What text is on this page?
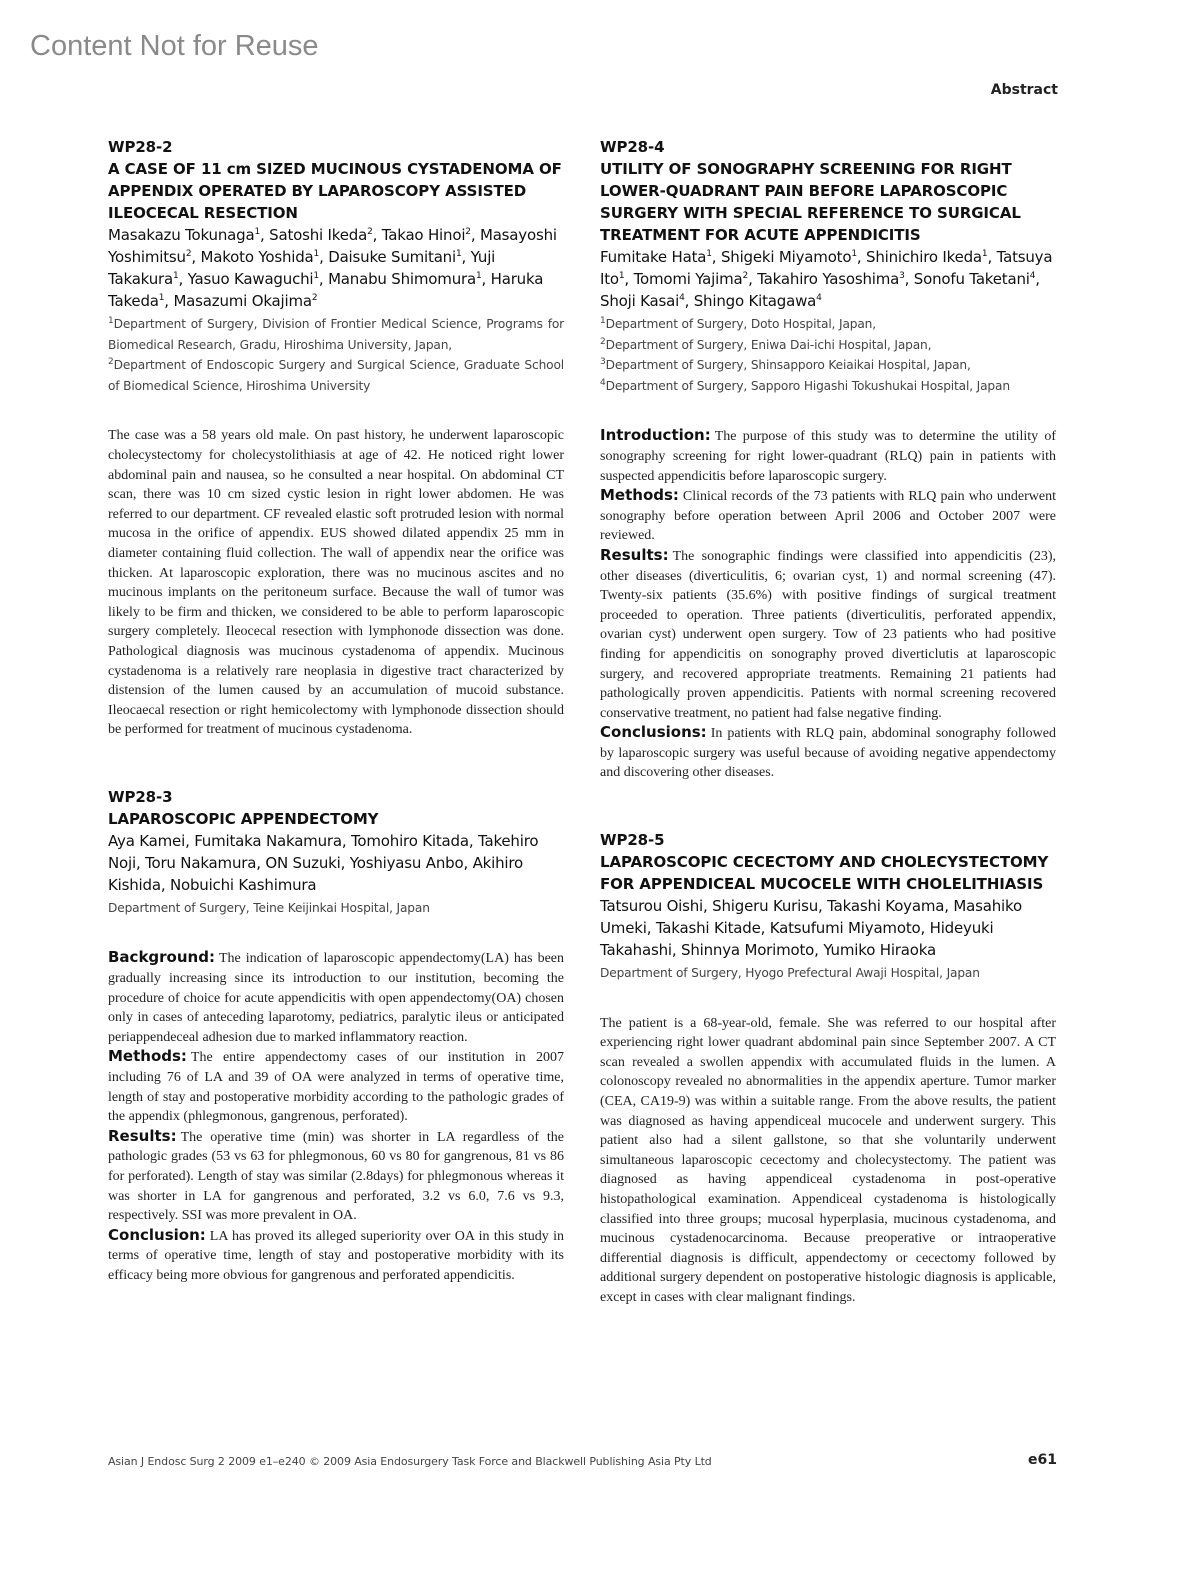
Content Not for Reuse
Abstract
WP28-2
A CASE OF 11 cm SIZED MUCINOUS CYSTADENOMA OF APPENDIX OPERATED BY LAPAROSCOPY ASSISTED ILEOCECAL RESECTION
Masakazu Tokunaga$^1$, Satoshi Ikeda$^2$, Takao Hinoi$^2$, Masayoshi Yoshimitsu$^2$, Makoto Yoshida$^1$, Daisuke Sumitani$^1$, Yuji Takakura$^1$, Yasuo Kawaguchi$^1$, Manabu Shimomura$^1$, Haruka Takeda$^1$, Masazumi Okajima$^2$
$^1$Department of Surgery, Division of Frontier Medical Science, Programs for Biomedical Research, Gradu, Hiroshima University, Japan,
$^2$Department of Endoscopic Surgery and Surgical Science, Graduate School of Biomedical Science, Hiroshima University

The case was a 58 years old male. On past history, he underwent laparoscopic cholecystectomy for cholecystolithiasis at age of 42. He noticed right lower abdominal pain and nausea, so he consulted a near hospital. On abdominal CT scan, there was 10 cm sized cystic lesion in right lower abdomen. He was referred to our department. CF revealed elastic soft protruded lesion with normal mucosa in the orifice of appendix. EUS showed dilated appendix 25 mm in diameter containing fluid collection. The wall of appendix near the orifice was thicken. At laparoscopic exploration, there was no mucinous ascites and no mucinous implants on the peritoneum surface. Because the wall of tumor was likely to be firm and thicken, we considered to be able to perform laparoscopic surgery completely. Ileocecal resection with lymphonode dissection was done. Pathological diagnosis was mucinous cystadenoma of appendix. Mucinous cystadenoma is a relatively rare neoplasia in digestive tract characterized by distension of the lumen caused by an accumulation of mucoid substance. Ileocaecal resection or right hemicolectomy with lymphonode dissection should be performed for treatment of mucinous cystadenoma.

WP28-3
LAPAROSCOPIC APPENDECTOMY
Aya Kamei, Fumitaka Nakamura, Tomohiro Kitada, Takehiro Noji, Toru Nakamura, ON Suzuki, Yoshiyasu Anbo, Akihiro Kishida, Nobuichi Kashimura
Department of Surgery, Teine Keijinkai Hospital, Japan

Background: The indication of laparoscopic appendectomy(LA) has been gradually increasing since its introduction to our institution, becoming the procedure of choice for acute appendicitis with open appendectomy(OA) chosen only in cases of anteceding laparotomy, pediatrics, paralytic ileus or anticipated periappendeceal adhesion due to marked inflammatory reaction.

Methods: The entire appendectomy cases of our institution in 2007 including 76 of LA and 39 of OA were analyzed in terms of operative time, length of stay and postoperative morbidity according to the pathologic grades of the appendix (phlegmonous, gangrenous, perforated).

Results: The operative time (min) was shorter in LA regardless of the pathologic grades (53 vs 63 for phlegmonous, 60 vs 80 for gangrenous, 81 vs 86 for perforated). Length of stay was similar (2.8days) for phlegmonous whereas it was shorter in LA for gangrenous and perforated, 3.2 vs 6.0, 7.6 vs 9.3, respectively. SSI was more prevalent in OA.

Conclusion: LA has proved its alleged superiority over OA in this study in terms of operative time, length of stay and postoperative morbidity with its efficacy being more obvious for gangrenous and perforated appendicitis.

WP28-4
UTILITY OF SONOGRAPHY SCREENING FOR RIGHT LOWER-QUADRANT PAIN BEFORE LAPAROSCOPIC SURGERY WITH SPECIAL REFERENCE TO SURGICAL TREATMENT FOR ACUTE APPENDICITIS
Fumitake Hata$^1$, Shigeki Miyamoto$^1$, Shinichiro Ikeda$^1$, Tatsuya Ito$^1$, Tomomi Yajima$^2$, Takahiro Yasoshima$^3$, Sonofu Taketani$^4$, Shoji Kasai$^4$, Shingo Kitagawa$^4$
$^1$Department of Surgery, Doto Hospital, Japan,
$^2$Department of Surgery, Eniwa Dai-ichi Hospital, Japan,
$^3$Department of Surgery, Shinsapporo Keiaikai Hospital, Japan,
$^4$Department of Surgery, Sapporo Higashi Tokushukai Hospital, Japan

Introduction: The purpose of this study was to determine the utility of sonography screening for right lower-quadrant (RLQ) pain in patients with suspected appendicitis before laparoscopic surgery.

Methods: Clinical records of the 73 patients with RLQ pain who underwent sonography before operation between April 2006 and October 2007 were reviewed.

Results: The sonographic findings were classified into appendicitis (23), other diseases (diverticulitis, 6; ovarian cyst, 1) and normal screening (47). Twenty-six patients (35.6%) with positive findings of surgical treatment proceeded to operation. Three patients (diverticulitis, perforated appendix, ovarian cyst) underwent open surgery. Tow of 23 patients who had positive finding for appendicitis on sonography proved diverticlutis at laparoscopic surgery, and recovered appropriate treatments. Remaining 21 patients had pathologically proven appendicitis. Patients with normal screening recovered conservative treatment, no patient had false negative finding.

Conclusions: In patients with RLQ pain, abdominal sonography followed by laparoscopic surgery was useful because of avoiding negative appendectomy and discovering other diseases.

WP28-5
LAPAROSCOPIC CECECTOMY AND CHOLECYSTECTOMY FOR APPENDICEAL MUCOCELE WITH CHOLELITHIASIS
Tatsurou Oishi, Shigeru Kurisu, Takashi Koyama, Masahiko Umeki, Takashi Kitade, Katsufumi Miyamoto, Hideyuki Takahashi, Shinnya Morimoto, Yumiko Hiraoka
Department of Surgery, Hyogo Prefectural Awaji Hospital, Japan

The patient is a 68-year-old, female. She was referred to our hospital after experiencing right lower quadrant abdominal pain since September 2007. A CT scan revealed a swollen appendix with accumulated fluids in the lumen. A colonoscopy revealed no abnormalities in the appendix aperture. Tumor marker (CEA, CA19-9) was within a suitable range. From the above results, the patient was diagnosed as having appendiceal mucocele and underwent surgery. This patient also had a silent gallstone, so that she voluntarily underwent simultaneous laparoscopic cecectomy and cholecystectomy. The patient was diagnosed as having appendiceal cystadenoma in post-operative histopathological examination. Appendiceal cystadenoma is histologically classified into three groups; mucosal hyperplasia, mucinous cystadenoma, and mucinous cystadenocarcinoma. Because preoperative or intraoperative differential diagnosis is difficult, appendectomy or cecectomy followed by additional surgery dependent on postoperative histologic diagnosis is applicable, except in cases with clear malignant findings.

Asian J Endosc Surg 2 2009 e1–e240 © 2009 Asia Endosurgery Task Force and Blackwell Publishing Asia Pty Ltd	e61
